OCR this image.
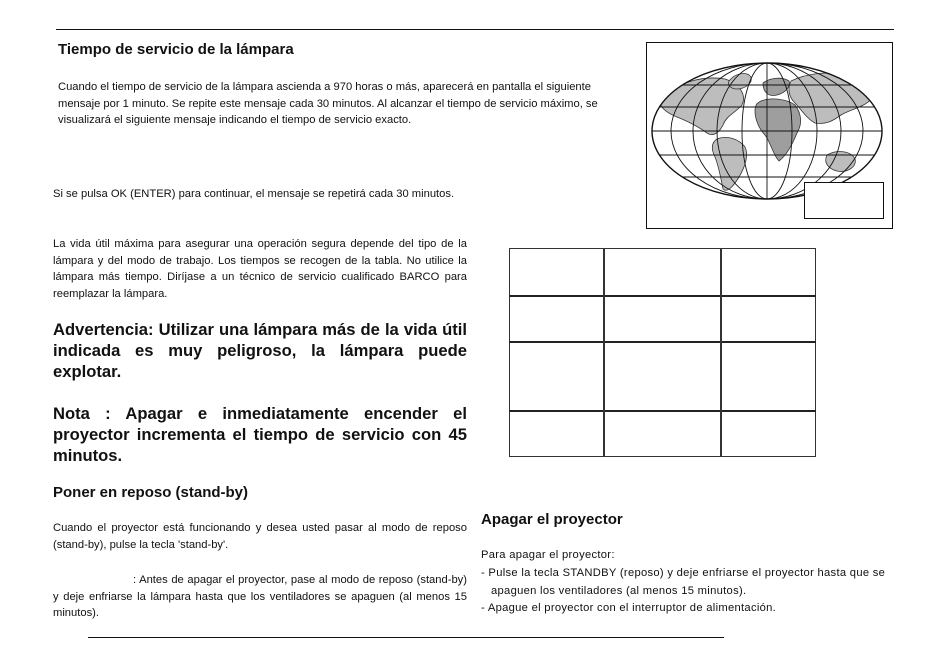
Tiempo de servicio de la lámpara

Cuando el tiempo de servicio de la lámpara ascienda a 970 horas o más, aparecerá en pantalla el siguiente mensaje por 1 minuto. Se repite este mensaje cada 30 minutos. Al alcanzar el tiempo de servicio máximo, se visualizará el siguiente mensaje indicando el tiempo de servicio exacto.

Si se pulsa OK (ENTER) para continuar, el mensaje se repetirá cada 30 minutos.

La vida útil máxima para asegurar una operación segura depende del tipo de la lámpara y del modo de trabajo. Los tiempos se recogen de la tabla. No utilice la lámpara más tiempo. Diríjase a un técnico de servicio cualificado BARCO para reemplazar la lámpara.

Advertencia: Utilizar una lámpara más de la vida útil indicada es muy peligroso, la lámpara puede explotar.

Nota : Apagar e inmediatamente encender el proyector incrementa el tiempo de servicio con 45 minutos.

Poner en reposo (stand-by)

Cuando el proyector está funcionando y desea usted pasar al modo de reposo (stand-by), pulse la tecla 'stand-by'.

: Antes de apagar el proyector, pase al modo de reposo (stand-by) y deje enfriarse la lámpara hasta que los ventiladores se apaguen (al menos 15 minutos).

Apagar el proyector

Para apagar el proyector:

- Pulse la tecla STANDBY (reposo) y deje enfriarse el proyector hasta que se apaguen los ventiladores (al menos 15 minutos).
- Apague el proyector con el interruptor de alimentación.
